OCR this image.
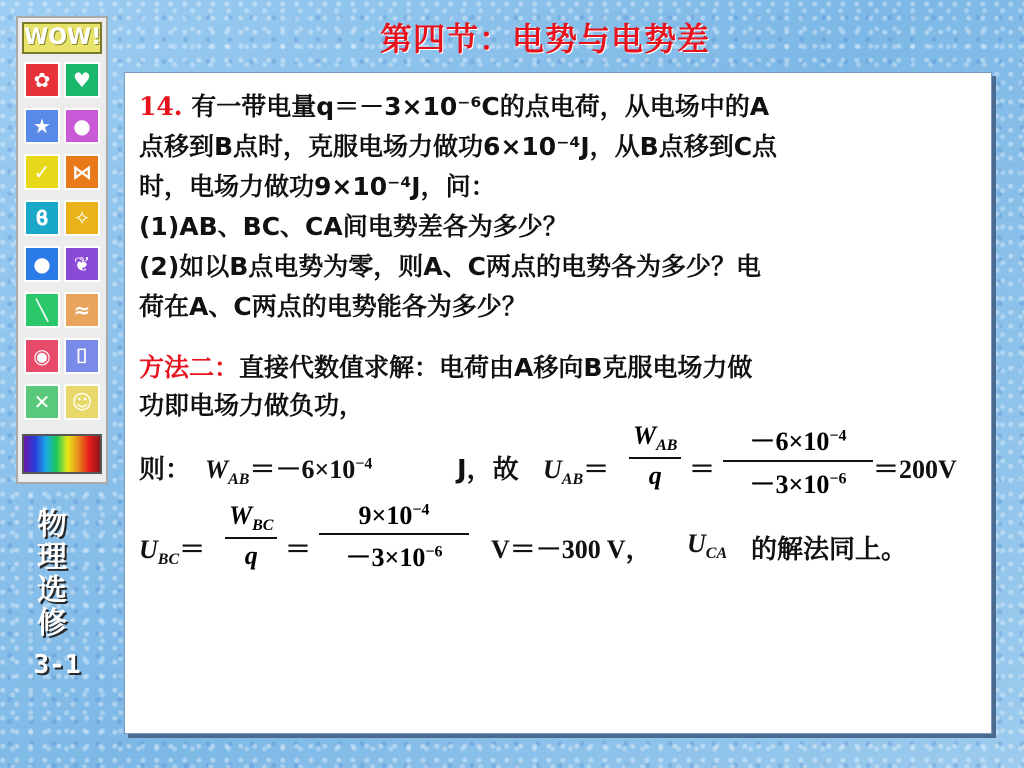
第四节：电势与电势差
WOW!
✿	♥
★	●
✓	⋈
ϐ	✧
●	❦
╲	≈
◉	⌷
✕	☺
物理选修
3-1
14. 有一带电量q＝－3×10⁻⁶C的点电荷，从电场中的A
点移到B点时，克服电场力做功6×10⁻⁴J，从B点移到C点
时，电场力做功9×10⁻⁴J，问：
(1)AB、BC、CA间电势差各为多少？
(2)如以B点电势为零，则A、C两点的电势各为多少？电
荷在A、C两点的电势能各为多少？
方法二：直接代数值求解：电荷由A移向B克服电场力做
功即电场力做负功，
则： $W_{AB}=-6\times 10^{-4}$	J，故 $U_{AB}=$
$W_{AB}$
q	＝
$-6\times 10^{-4}$
$-3\times 10^{-6}$	＝200V
$U_{BC}=$
$W_{BC}$
q	＝
$9\times 10^{-4}$
$-3\times 10^{-6}$	V＝－300 V， $U_{CA}$ 的解法同上。
